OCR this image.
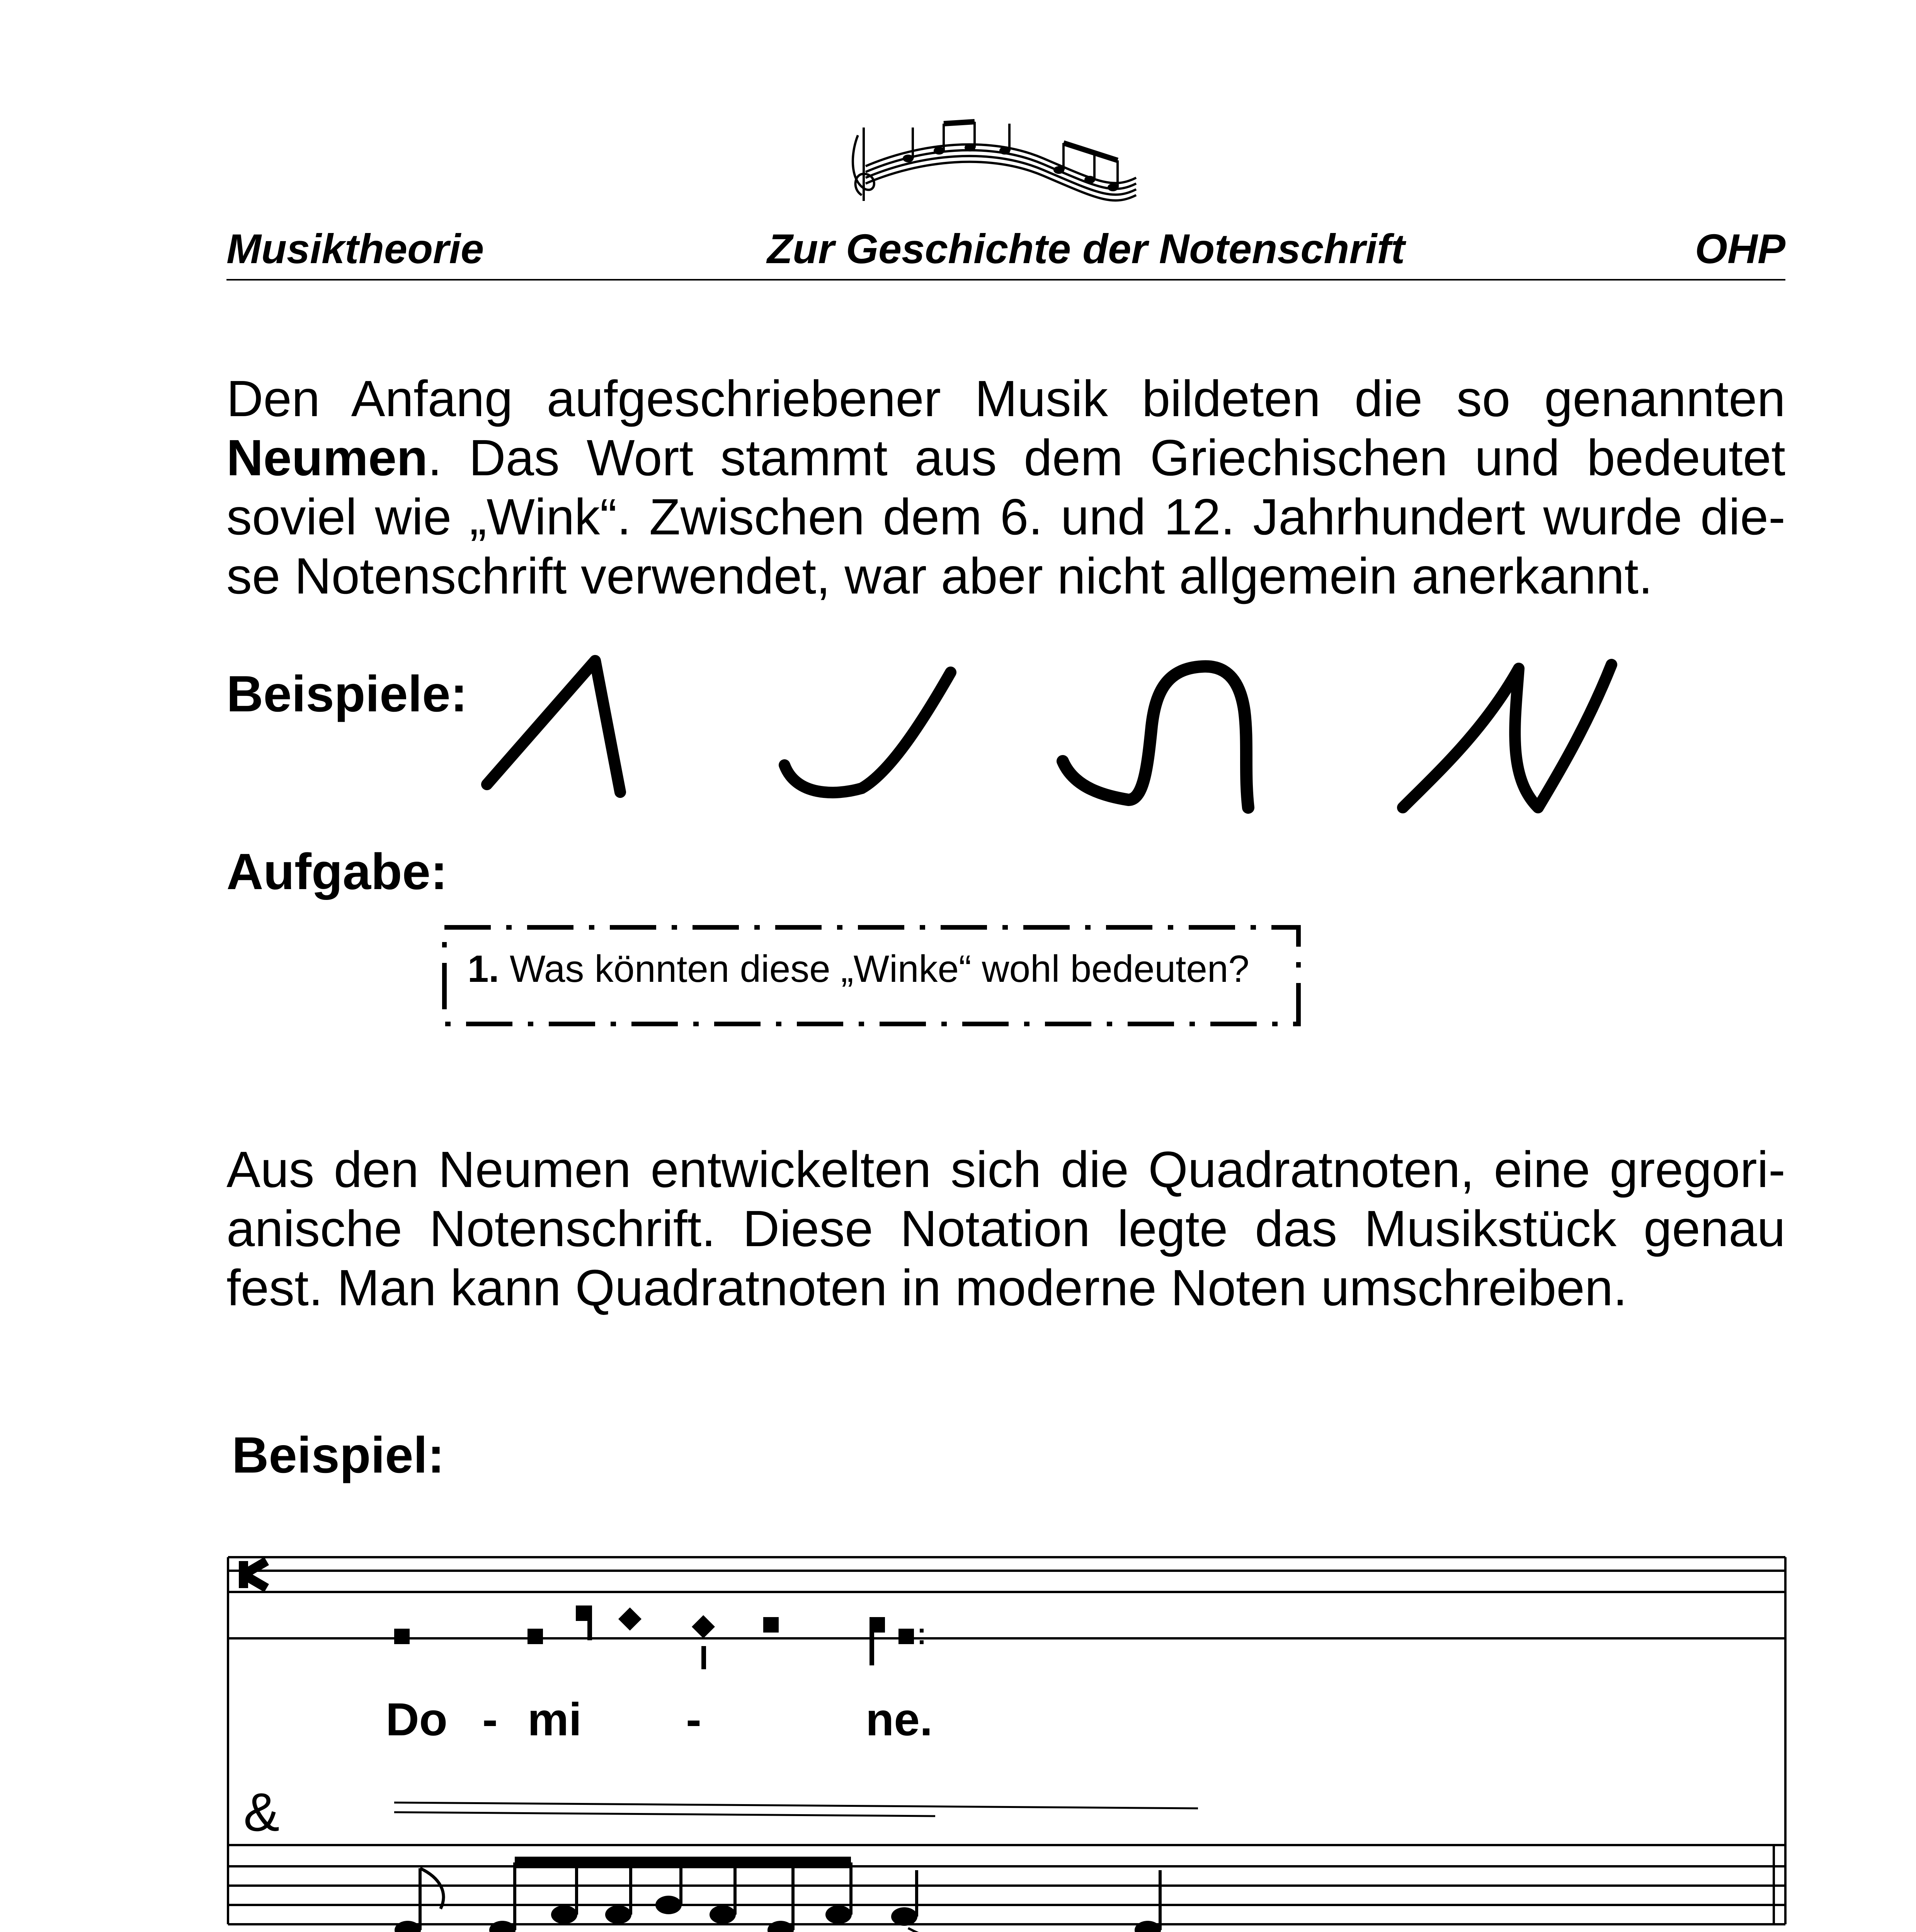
Musiktheorie	Zur Geschichte der Notenschrift	OHP
Den Anfang aufgeschriebener Musik bildeten die so genannten Neumen. Das Wort stammt aus dem Griechischen und bedeutet soviel wie „Wink“. Zwischen dem 6. und 12. Jahrhundert wurde die-se Notenschrift verwendet, war aber nicht allgemein anerkannt.
Beispiele:
Aufgabe:
1. Was könnten diese „Winke“ wohl bedeuten?
Aus den Neumen entwickelten sich die Quadratnoten, eine gregori-anische Notenschrift. Diese Notation legte das Musikstück genau fest. Man kann Quadratnoten in moderne Noten umschreiben.
Beispiel:
Do - mi -	ne.
&
